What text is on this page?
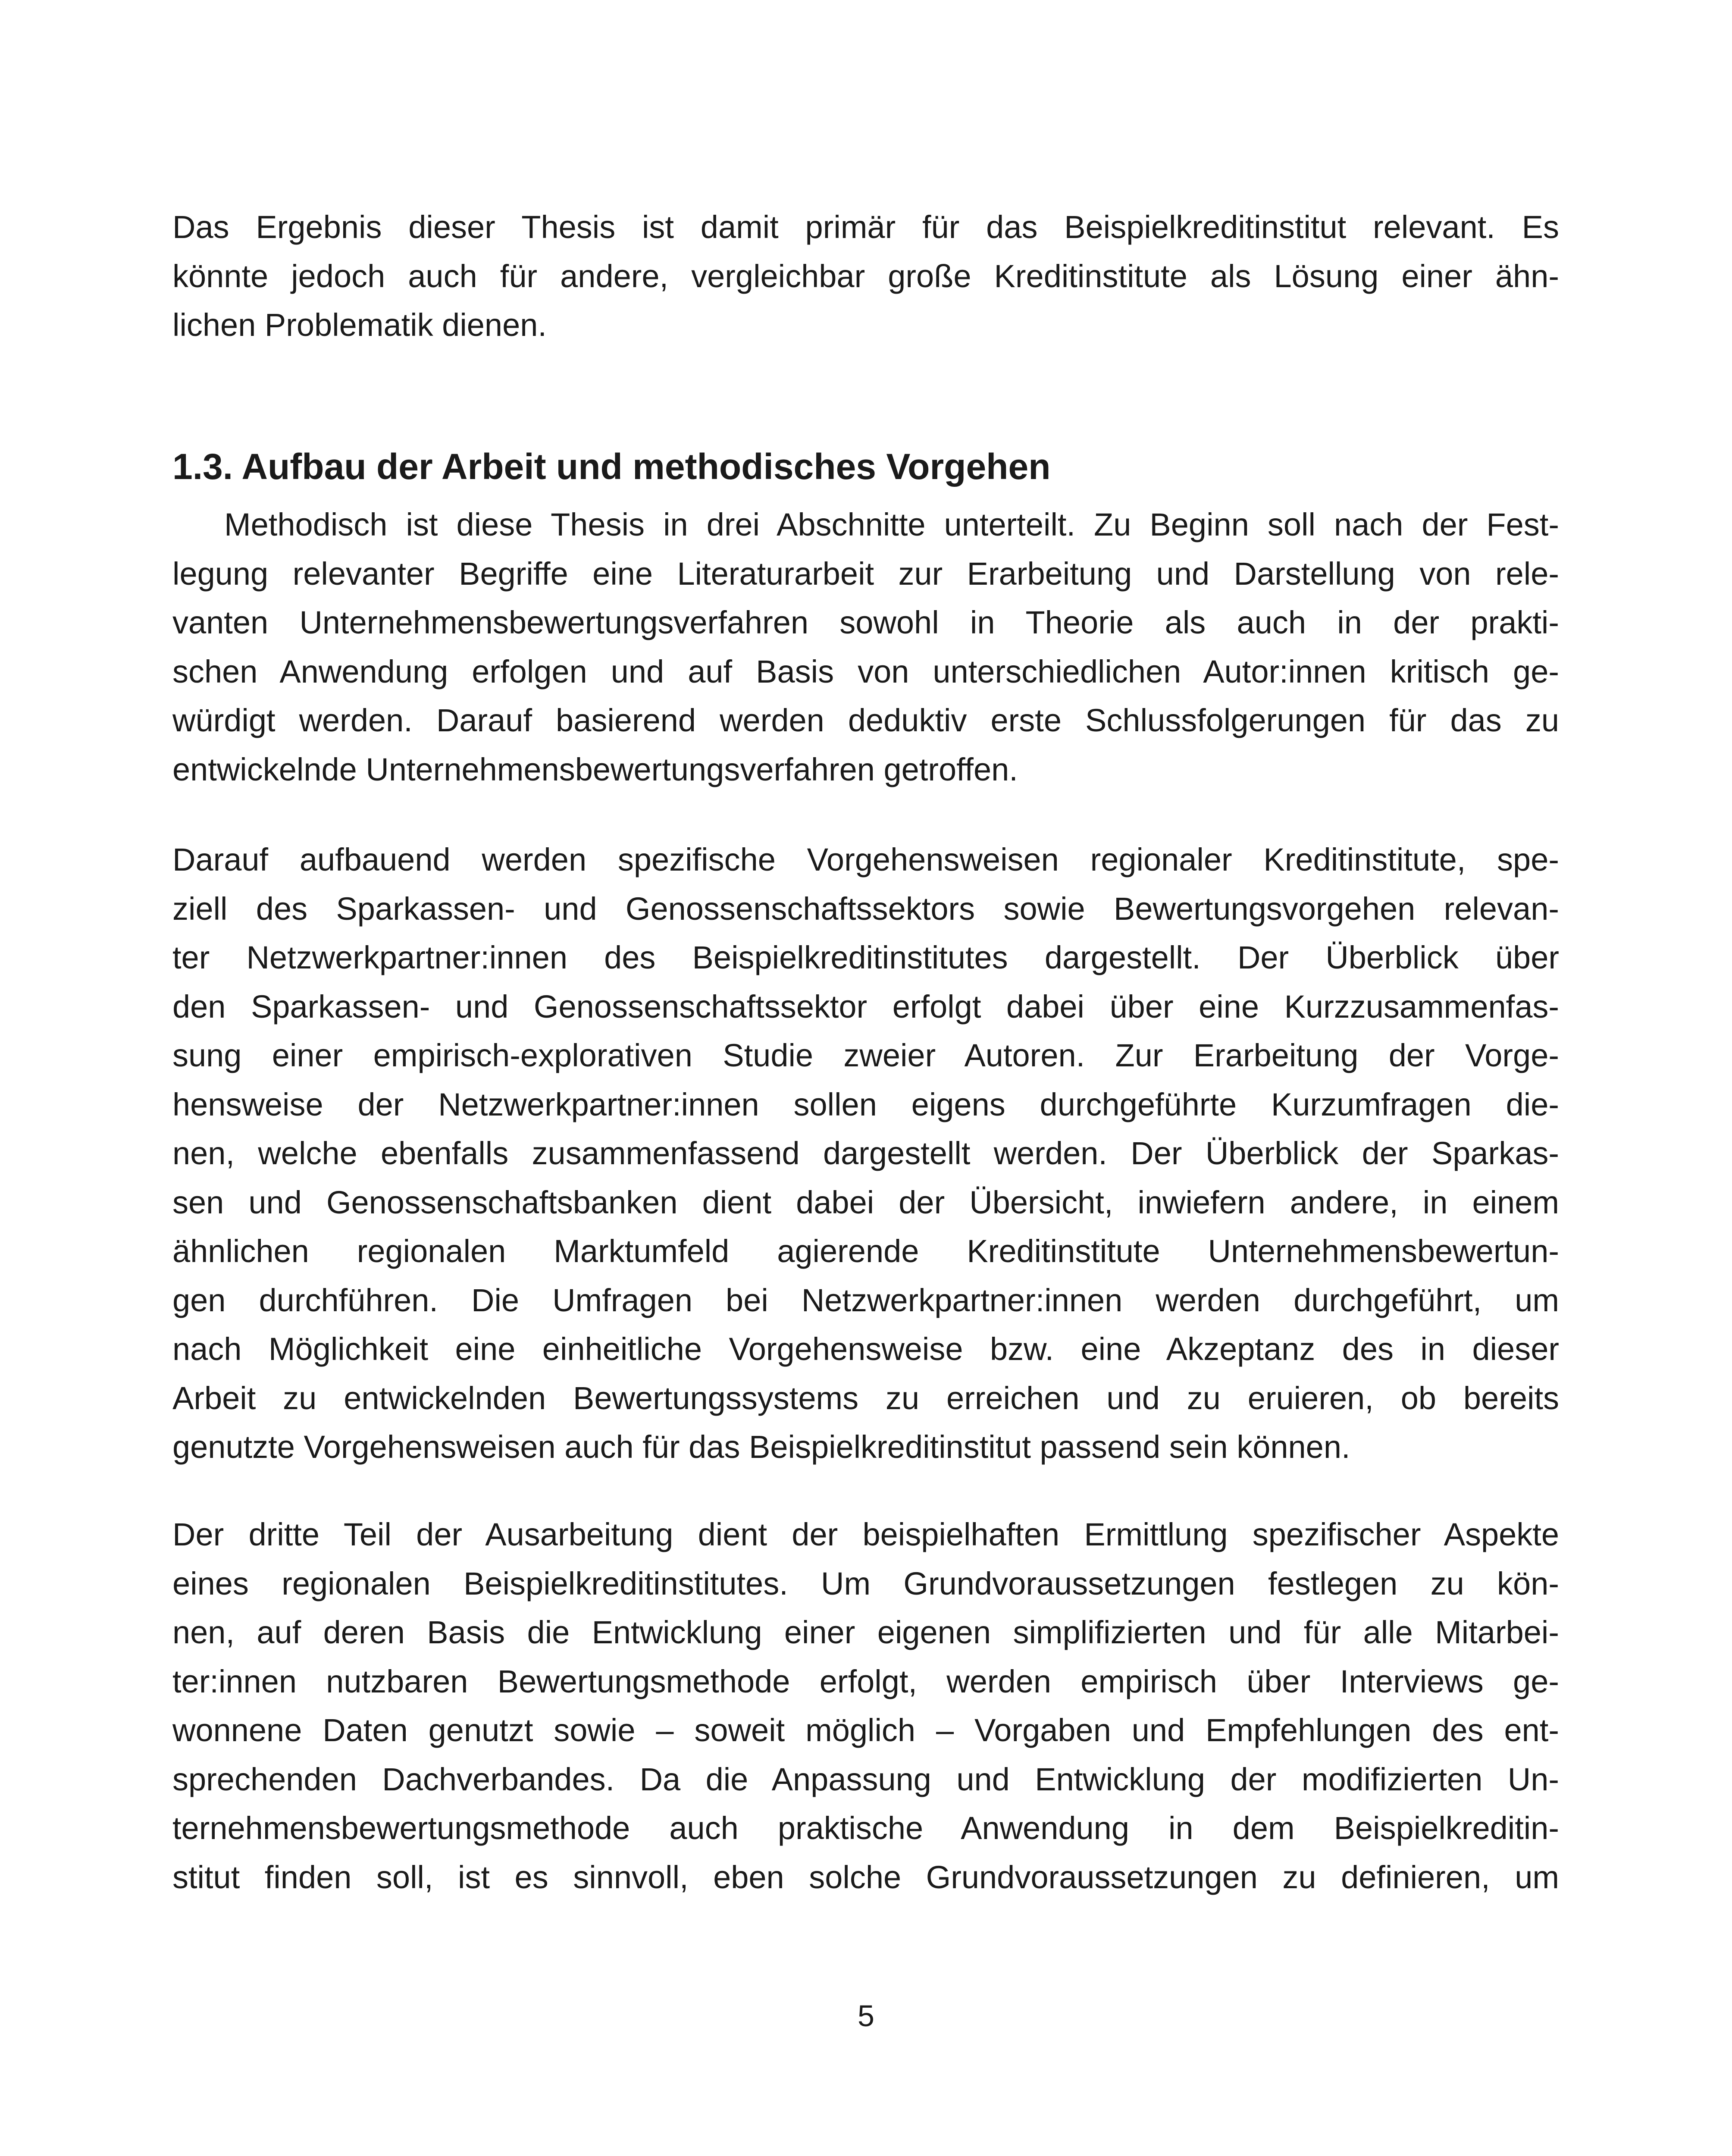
Das Ergebnis dieser Thesis ist damit primär für das Beispielkreditinstitut relevant. Es
könnte jedoch auch für andere, vergleichbar große Kreditinstitute als Lösung einer ähn-
lichen Problematik dienen.
1.3. Aufbau der Arbeit und methodisches Vorgehen
Methodisch ist diese Thesis in drei Abschnitte unterteilt. Zu Beginn soll nach der Fest-
legung relevanter Begriffe eine Literaturarbeit zur Erarbeitung und Darstellung von rele-
vanten Unternehmensbewertungsverfahren sowohl in Theorie als auch in der prakti-
schen Anwendung erfolgen und auf Basis von unterschiedlichen Autor:innen kritisch ge-
würdigt werden. Darauf basierend werden deduktiv erste Schlussfolgerungen für das zu
entwickelnde Unternehmensbewertungsverfahren getroffen.
Darauf aufbauend werden spezifische Vorgehensweisen regionaler Kreditinstitute, spe-
ziell des Sparkassen- und Genossenschaftssektors sowie Bewertungsvorgehen relevan-
ter Netzwerkpartner:innen des Beispielkreditinstitutes dargestellt. Der Überblick über
den Sparkassen- und Genossenschaftssektor erfolgt dabei über eine Kurzzusammenfas-
sung einer empirisch-explorativen Studie zweier Autoren. Zur Erarbeitung der Vorge-
hensweise der Netzwerkpartner:innen sollen eigens durchgeführte Kurzumfragen die-
nen, welche ebenfalls zusammenfassend dargestellt werden. Der Überblick der Sparkas-
sen und Genossenschaftsbanken dient dabei der Übersicht, inwiefern andere, in einem
ähnlichen regionalen Marktumfeld agierende Kreditinstitute Unternehmensbewertun-
gen durchführen. Die Umfragen bei Netzwerkpartner:innen werden durchgeführt, um
nach Möglichkeit eine einheitliche Vorgehensweise bzw. eine Akzeptanz des in dieser
Arbeit zu entwickelnden Bewertungssystems zu erreichen und zu eruieren, ob bereits
genutzte Vorgehensweisen auch für das Beispielkreditinstitut passend sein können.
Der dritte Teil der Ausarbeitung dient der beispielhaften Ermittlung spezifischer Aspekte
eines regionalen Beispielkreditinstitutes. Um Grundvoraussetzungen festlegen zu kön-
nen, auf deren Basis die Entwicklung einer eigenen simplifizierten und für alle Mitarbei-
ter:innen nutzbaren Bewertungsmethode erfolgt, werden empirisch über Interviews ge-
wonnene Daten genutzt sowie – soweit möglich – Vorgaben und Empfehlungen des ent-
sprechenden Dachverbandes. Da die Anpassung und Entwicklung der modifizierten Un-
ternehmensbewertungsmethode auch praktische Anwendung in dem Beispielkreditin-
stitut finden soll, ist es sinnvoll, eben solche Grundvoraussetzungen zu definieren, um
5
